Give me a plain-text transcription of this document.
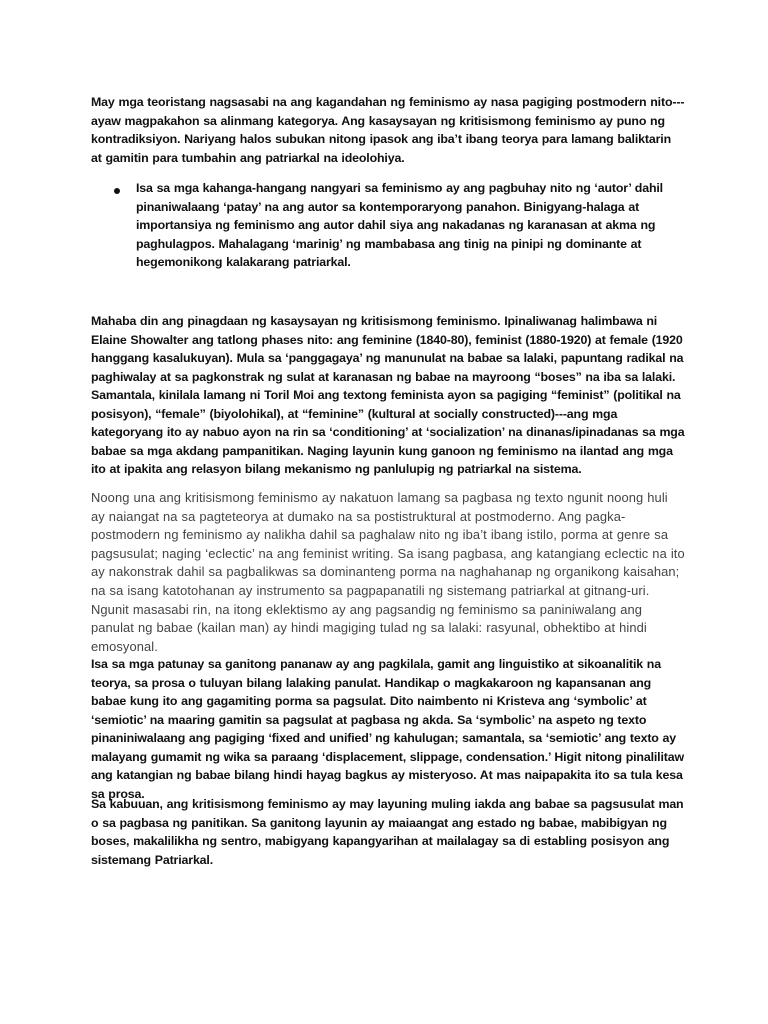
May mga teoristang nagsasabi na ang kagandahan ng feminismo ay nasa pagiging postmodern nito---ayaw magpakahon sa alinmang kategorya. Ang kasaysayan ng kritisismong feminismo ay puno ng kontradiksiyon. Nariyang halos subukan nitong ipasok ang iba’t ibang teorya para lamang baliktarin at gamitin para tumbahin ang patriarkal na ideolohiya.

Isa sa mga kahanga-hangang nangyari sa feminismo ay ang pagbuhay nito ng ‘autor’ dahil pinaniwalaang ‘patay’ na ang autor sa kontemporaryong panahon. Binigyang-halaga at importansiya ng feminismo ang autor dahil siya ang nakadanas ng karanasan at akma ng paghulagpos. Mahalagang ‘marinig’ ng mambabasa ang tinig na pinipi ng dominante at hegemonikong kalakarang patriarkal.

Mahaba din ang pinagdaan ng kasaysayan ng kritisismong feminismo. Ipinaliwanag halimbawa ni Elaine Showalter ang tatlong phases nito: ang feminine (1840-80), feminist (1880-1920) at female (1920 hanggang kasalukuyan). Mula sa ‘panggagaya’ ng manunulat na babae sa lalaki, papuntang radikal na paghiwalay at sa pagkonstrak ng sulat at karanasan ng babae na mayroong “boses” na iba sa lalaki. Samantala, kinilala lamang ni Toril Moi ang textong feminista ayon sa pagiging “feminist” (politikal na posisyon), “female” (biyolohikal), at “feminine” (kultural at socially constructed)---ang mga kategoryang ito ay nabuo ayon na rin sa ‘conditioning’ at ‘socialization’ na dinanas/ipinadanas sa mga babae sa mga akdang pampanitikan. Naging layunin kung ganoon ng feminismo na ilantad ang mga ito at ipakita ang relasyon bilang mekanismo ng panlulupig ng patriarkal na sistema.

Noong una ang kritisismong feminismo ay nakatuon lamang sa pagbasa ng texto ngunit noong huli ay naiangat na sa pagteteorya at dumako na sa postistruktural at postmoderno. Ang pagka-postmodern ng feminismo ay nalikha dahil sa paghalaw nito ng iba’t ibang istilo, porma at genre sa pagsusulat; naging ‘eclectic’ na ang feminist writing. Sa isang pagbasa, ang katangiang eclectic na ito ay nakonstrak dahil sa pagbalikwas sa dominanteng porma na naghahanap ng organikong kaisahan; na sa isang katotohanan ay instrumento sa pagpapanatili ng sistemang patriarkal at gitnang-uri. Ngunit masasabi rin, na itong eklektismo ay ang pagsandig ng feminismo sa paniniwalang ang panulat ng babae (kailan man) ay hindi magiging tulad ng sa lalaki: rasyunal, obhektibo at hindi emosyonal.

Isa sa mga patunay sa ganitong pananaw ay ang pagkilala, gamit ang linguistiko at sikoanalitik na teorya, sa prosa o tuluyan bilang lalaking panulat. Handikap o magkakaroon ng kapansanan ang babae kung ito ang gagamiting porma sa pagsulat. Dito naimbento ni Kristeva ang ‘symbolic’ at ‘semiotic’ na maaring gamitin sa pagsulat at pagbasa ng akda. Sa ‘symbolic’ na aspeto ng texto pinaniniwalaang ang pagiging ‘fixed and unified’ ng kahulugan; samantala, sa ‘semiotic’ ang texto ay malayang gumamit ng wika sa paraang ‘displacement, slippage, condensation.’ Higit nitong pinalilitaw ang katangian ng babae bilang hindi hayag bagkus ay misteryoso. At mas naipapakita ito sa tula kesa sa prosa.

Sa kabuuan, ang kritisismong feminismo ay may layuning muling iakda ang babae sa pagsusulat man o sa pagbasa ng panitikan. Sa ganitong layunin ay maiaangat ang estado ng babae, mabibigyan ng boses, makalilikha ng sentro, mabigyang kapangyarihan at mailalagay sa di establing posisyon ang sistemang Patriarkal.
